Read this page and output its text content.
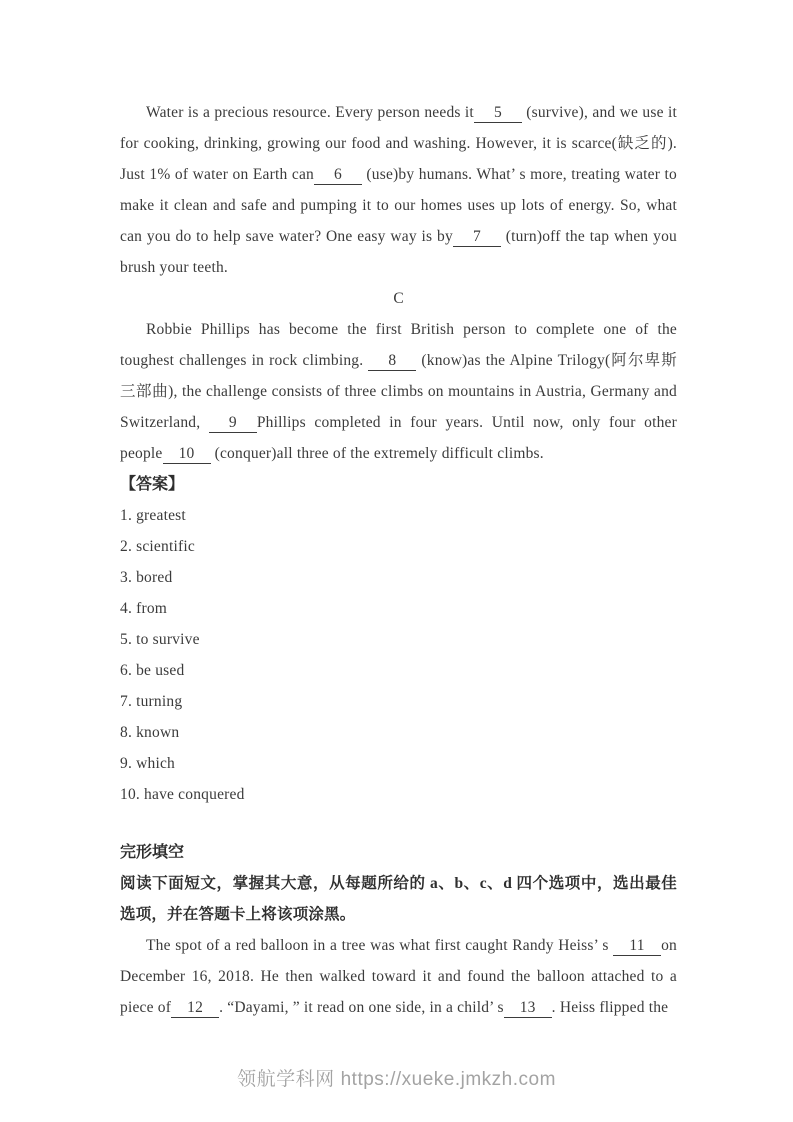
Water is a precious resource. Every person needs it 5 (survive), and we use it for cooking, drinking, growing our food and washing. However, it is scarce(缺乏的). Just 1% of water on Earth can 6 (use)by humans. What’ s more, treating water to make it clean and safe and pumping it to our homes uses up lots of energy. So, what can you do to help save water? One easy way is by 7 (turn)off the tap when you brush your teeth.

C

Robbie Phillips has become the first British person to complete one of the toughest challenges in rock climbing. 8 (know)as the Alpine Trilogy(阿尔卑斯三部曲), the challenge consists of three climbs on mountains in Austria, Germany and Switzerland, 9 Phillips completed in four years. Until now, only four other people 10 (conquer)all three of the extremely difficult climbs.

【答案】
1. greatest
2. scientific
3. bored
4. from
5. to survive
6. be used
7. turning
8. known
9. which
10. have conquered
完形填空

阅读下面短文，掌握其大意，从每题所给的 a、b、c、d 四个选项中，选出最佳选项，并在答题卡上将该项涂黑。

The spot of a red balloon in a tree was what first caught Randy Heiss’ s 11 on December 16, 2018. He then walked toward it and found the balloon attached to a piece of 12 . “Dayami, ” it read on one side, in a child’ s 13 . Heiss flipped the

领航学科网 https://xueke.jmkzh.com
